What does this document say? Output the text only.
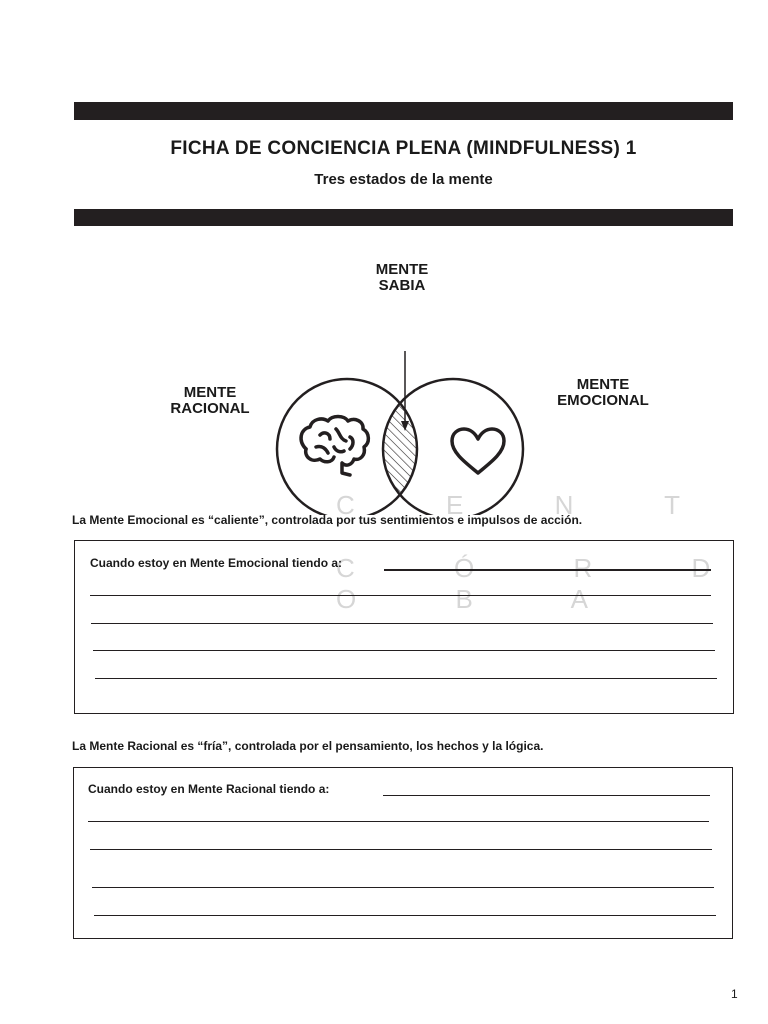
FICHA DE CONCIENCIA PLENA (MINDFULNESS) 1
Tres estados de la mente
MENTE
SABIA
MENTE
RACIONAL
MENTE
EMOCIONAL
C E N T
C Ó R D O B A
La Mente Emocional es “caliente”, controlada por tus sentimientos e impulsos de acción.
Cuando estoy en Mente Emocional tiendo a:
La Mente Racional es “fría”, controlada por el pensamiento, los hechos y la lógica.
Cuando estoy en Mente Racional tiendo a:
1
